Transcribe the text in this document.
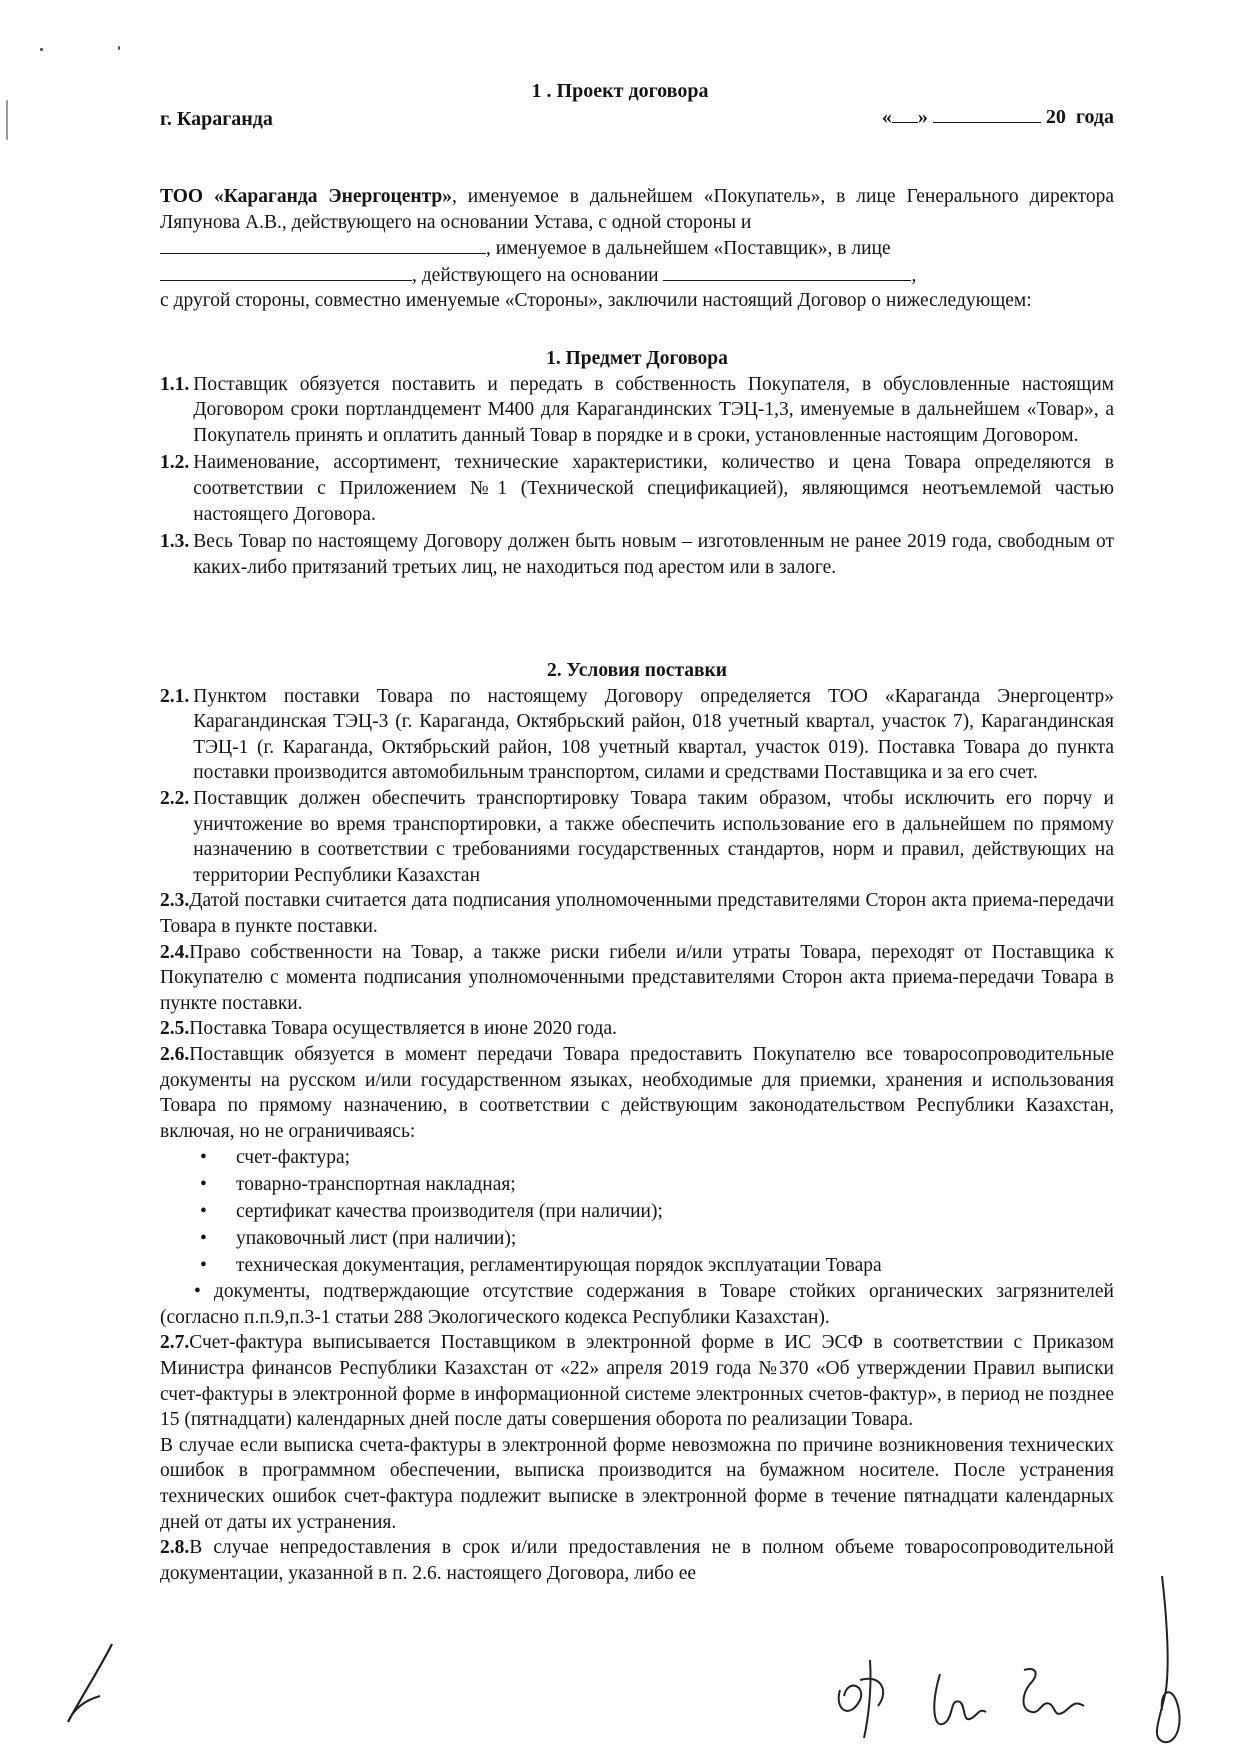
1 . Проект договора
г. Караганда	« »	20  года

ТОО «Караганда Энергоцентр», именуемое в дальнейшем «Покупатель», в лице Генерального директора Ляпунова А.В., действующего на основании Устава, с одной стороны и

, именуемое в дальнейшем «Поставщик», в лице

, действующего на основании	,

с другой стороны, совместно именуемые «Стороны», заключили настоящий Договор о нижеследующем:

1. Предмет Договора

1.1. Поставщик обязуется поставить и передать в собственность Покупателя, в обусловленные настоящим Договором сроки портландцемент М400 для Карагандинских ТЭЦ-1,3, именуемые в дальнейшем «Товар», а Покупатель принять и оплатить данный Товар в порядке и в сроки, установленные настоящим Договором.
1.2. Наименование, ассортимент, технические характеристики, количество и цена Товара определяются в соответствии с Приложением №1 (Технической спецификацией), являющимся неотъемлемой частью настоящего Договора.
1.3. Весь Товар по настоящему Договору должен быть новым – изготовленным не ранее 2019 года, свободным от каких-либо притязаний третьих лиц, не находиться под арестом или в залоге.

2. Условия поставки

2.1. Пунктом поставки Товара по настоящему Договору определяется ТОО «Караганда Энергоцентр» Карагандинская ТЭЦ-3 (г. Караганда, Октябрьский район, 018 учетный квартал, участок 7), Карагандинская ТЭЦ-1 (г. Караганда, Октябрьский район, 108 учетный квартал, участок 019). Поставка Товара до пункта поставки производится автомобильным транспортом, силами и средствами Поставщика и за его счет.
2.2. Поставщик должен обеспечить транспортировку Товара таким образом, чтобы исключить его порчу и уничтожение во время транспортировки, а также обеспечить использование его в дальнейшем по прямому назначению в соответствии с требованиями государственных стандартов, норм и правил, действующих на территории Республики Казахстан

2.3.Датой поставки считается дата подписания уполномоченными представителями Сторон акта приема-передачи Товара в пункте поставки.

2.4.Право собственности на Товар, а также риски гибели и/или утраты Товара, переходят от Поставщика к Покупателю с момента подписания уполномоченными представителями Сторон акта приема-передачи Товара в пункте поставки.

2.5.Поставка Товара осуществляется в июне 2020 года.

2.6.Поставщик обязуется в момент передачи Товара предоставить Покупателю все товаросопроводительные документы на русском и/или государственном языках, необходимые для приемки, хранения и использования Товара по прямому назначению, в соответствии с действующим законодательством Республики Казахстан, включая, но не ограничиваясь:

• счет-фактура;
• товарно-транспортная накладная;
• сертификат качества производителя (при наличии);
• упаковочный лист (при наличии);
• техническая документация, регламентирующая порядок эксплуатации Товара

• документы, подтверждающие отсутствие содержания в Товаре стойких органических загрязнителей (согласно п.п.9,п.3-1 статьи 288 Экологического кодекса Республики Казахстан).

2.7.Счет-фактура выписывается Поставщиком в электронной форме в ИС ЭСФ в соответствии с Приказом Министра финансов Республики Казахстан от «22» апреля 2019 года №370 «Об утверждении Правил выписки счет-фактуры в электронной форме в информационной системе электронных счетов-фактур», в период не позднее 15 (пятнадцати) календарных дней после даты совершения оборота по реализации Товара.

В случае если выписка счета-фактуры в электронной форме невозможна по причине возникновения технических ошибок в программном обеспечении, выписка производится на бумажном носителе. После устранения технических ошибок счет-фактура подлежит выписке в электронной форме в течение пятнадцати календарных дней от даты их устранения.

2.8.В случае непредоставления в срок и/или предоставления не в полном объеме товаросопроводительной документации, указанной в п. 2.6. настоящего Договора, либо ее
